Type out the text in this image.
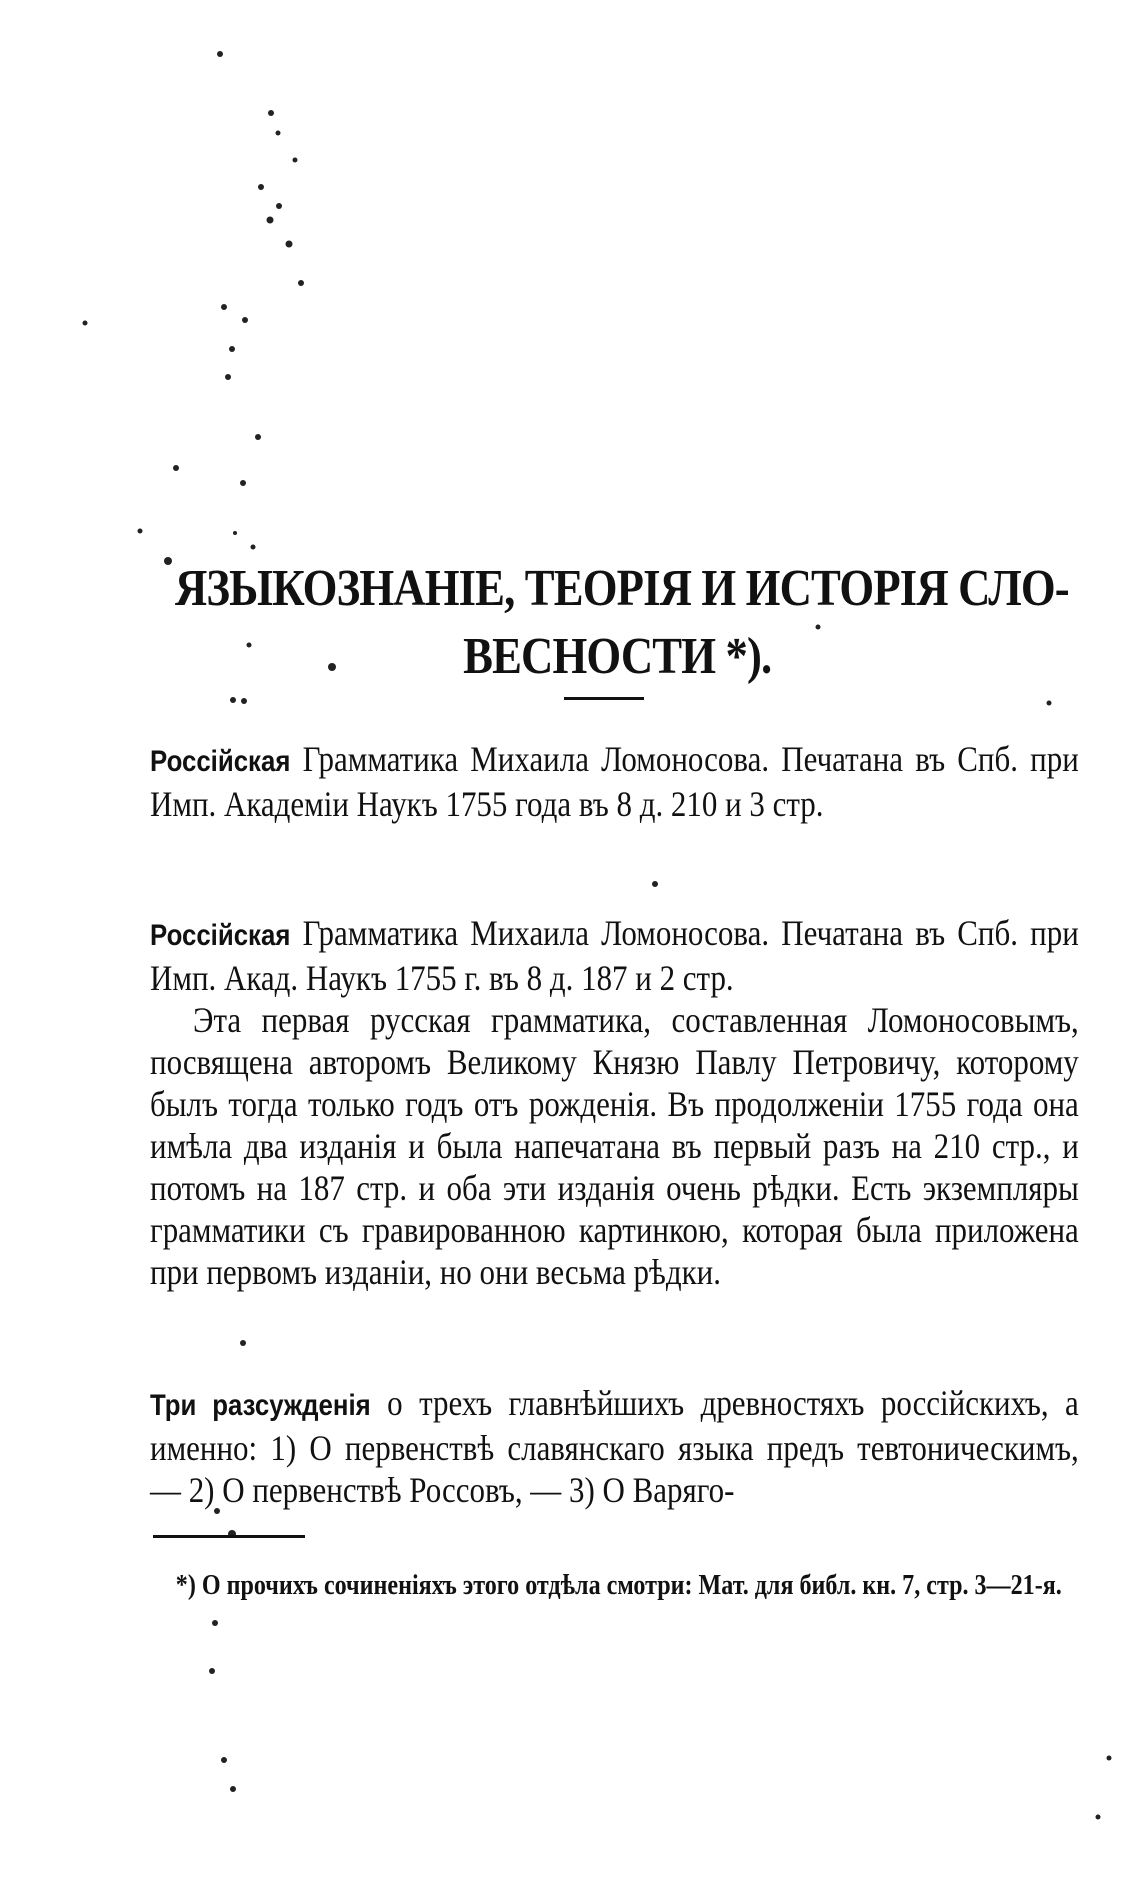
ЯЗЫКОЗНАНІЕ, ТЕОРІЯ И ИСТОРІЯ СЛО-
ВЕСНОСТИ *).

Россійская Грамматика Михаила Ломоносова. Печатана въ Спб. при Имп. Академіи Наукъ 1755 года въ 8 д. 210 и 3 стр.

Россійская Грамматика Михаила Ломоносова. Печатана въ Спб. при Имп. Акад. Наукъ 1755 г. въ 8 д. 187 и 2 стр.
Эта первая русская грамматика, составленная Ломоносовымъ, посвящена авторомъ Великому Князю Павлу Петровичу, которому былъ тогда только годъ отъ рожденія. Въ продолженіи 1755 года она имѣла два изданія и была напечатана въ первый разъ на 210 стр., и потомъ на 187 стр. и оба эти изданія очень рѣдки. Есть экземпляры грамматики съ гравированною картинкою, которая была приложена при первомъ изданіи, но они весьма рѣдки.

Три разсужденія о трехъ главнѣйшихъ древностяхъ россійскихъ, а именно: 1) О первенствѣ славянскаго языка предъ тевтоническимъ, — 2) О первенствѣ Россовъ, — 3) О Варяго-

*) О прочихъ сочиненіяхъ этого отдѣла смотри: Мат. для библ. кн. 7, стр. 3—21-я.
